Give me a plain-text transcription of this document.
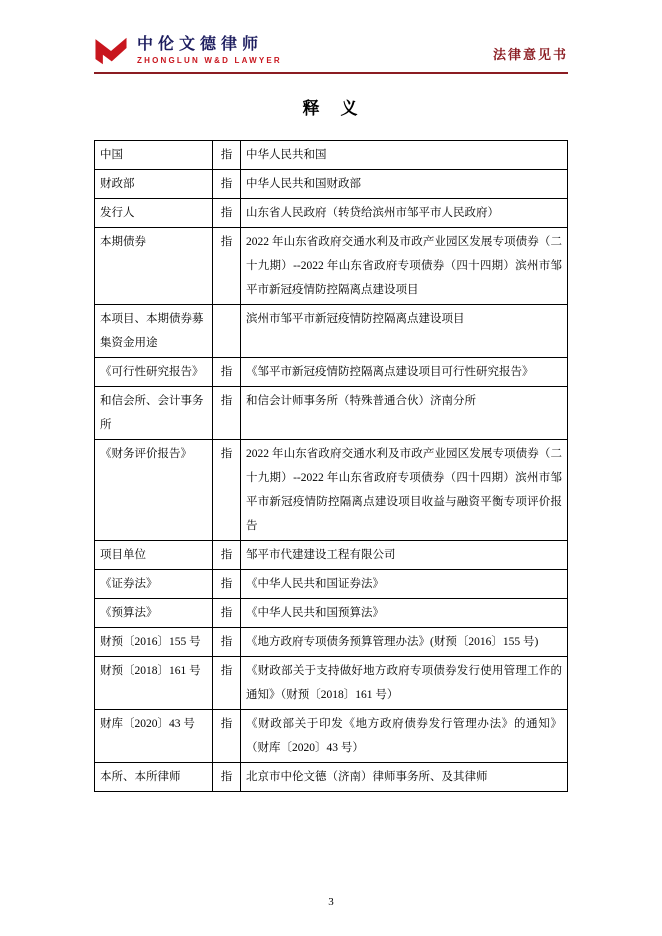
中伦文德律师
ZHONGLUN W&D LAWYER	法律意见书
释　义
中国	指	中华人民共和国
财政部	指	中华人民共和国财政部
发行人	指	山东省人民政府（转贷给滨州市邹平市人民政府）
本期债券	指	2022 年山东省政府交通水利及市政产业园区发展专项债券（二十九期）--2022 年山东省政府专项债券（四十四期）滨州市邹平市新冠疫情防控隔离点建设项目
本项目、本期债券募集资金用途		滨州市邹平市新冠疫情防控隔离点建设项目
《可行性研究报告》	指	《邹平市新冠疫情防控隔离点建设项目可行性研究报告》
和信会所、会计事务所	指	和信会计师事务所（特殊普通合伙）济南分所
《财务评价报告》	指	2022 年山东省政府交通水利及市政产业园区发展专项债券（二十九期）--2022 年山东省政府专项债券（四十四期）滨州市邹平市新冠疫情防控隔离点建设项目收益与融资平衡专项评价报告
项目单位	指	邹平市代建建设工程有限公司
《证券法》	指	《中华人民共和国证券法》
《预算法》	指	《中华人民共和国预算法》
财预〔2016〕155 号	指	《地方政府专项债务预算管理办法》(财预〔2016〕155 号)
财预〔2018〕161 号	指	《财政部关于支持做好地方政府专项债券发行使用管理工作的通知》（财预〔2018〕161 号）
财库〔2020〕43 号	指	《财政部关于印发《地方政府债券发行管理办法》的通知》（财库〔2020〕43 号）
本所、本所律师	指	北京市中伦文德（济南）律师事务所、及其律师
3
